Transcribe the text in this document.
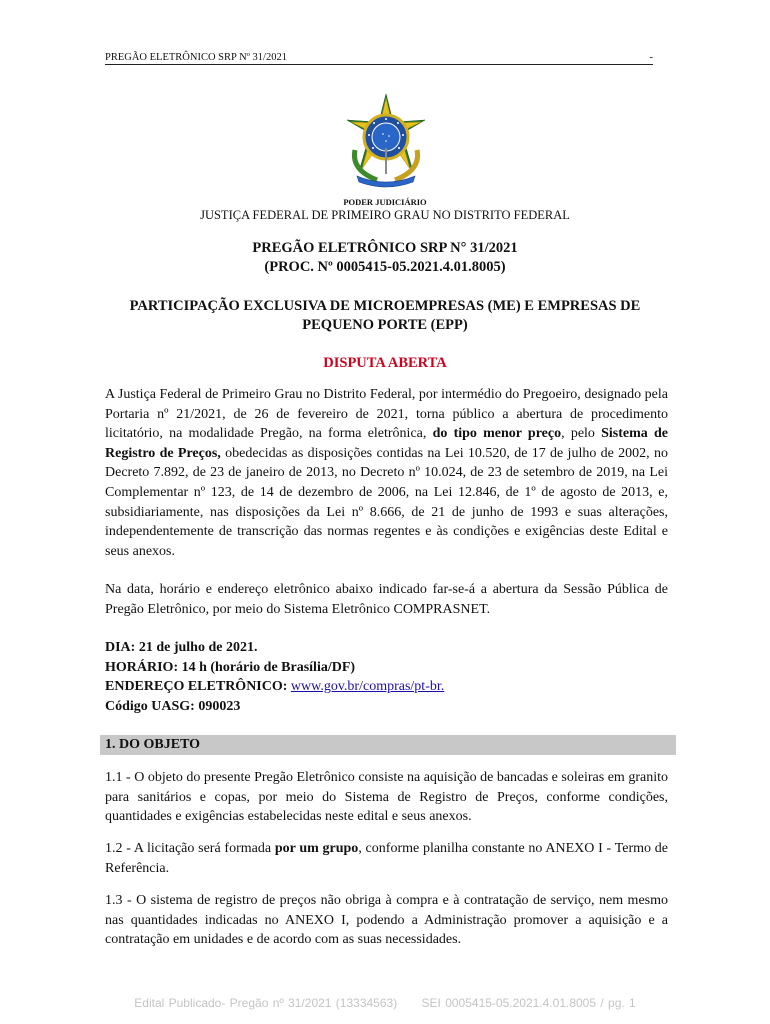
PREGÃO ELETRÔNICO SRP Nº 31/2021	-
PODER JUDICIÁRIO
JUSTIÇA FEDERAL DE PRIMEIRO GRAU NO DISTRITO FEDERAL
PREGÃO ELETRÔNICO SRP N° 31/2021
(PROC. Nº 0005415-05.2021.4.01.8005)
PARTICIPAÇÃO EXCLUSIVA DE MICROEMPRESAS (ME) E EMPRESAS DE PEQUENO PORTE (EPP)
DISPUTA ABERTA
A Justiça Federal de Primeiro Grau no Distrito Federal, por intermédio do Pregoeiro, designado pela Portaria nº 21/2021, de 26 de fevereiro de 2021, torna público a abertura de procedimento licitatório, na modalidade Pregão, na forma eletrônica, do tipo menor preço, pelo Sistema de Registro de Preços, obedecidas as disposições contidas na Lei 10.520, de 17 de julho de 2002, no Decreto 7.892, de 23 de janeiro de 2013, no Decreto nº 10.024, de 23 de setembro de 2019, na Lei Complementar nº 123, de 14 de dezembro de 2006, na Lei 12.846, de 1º de agosto de 2013, e, subsidiariamente, nas disposições da Lei nº 8.666, de 21 de junho de 1993 e suas alterações, independentemente de transcrição das normas regentes e às condições e exigências deste Edital e seus anexos.
Na data, horário e endereço eletrônico abaixo indicado far-se-á a abertura da Sessão Pública de Pregão Eletrônico, por meio do Sistema Eletrônico COMPRASNET.
DIA: 21 de julho de 2021.
HORÁRIO: 14 h (horário de Brasília/DF)
ENDEREÇO ELETRÔNICO: www.gov.br/compras/pt-br.
Código UASG: 090023
1. DO OBJETO
1.1 - O objeto do presente Pregão Eletrônico consiste na aquisição de bancadas e soleiras em granito para sanitários e copas, por meio do Sistema de Registro de Preços, conforme condições, quantidades e exigências estabelecidas neste edital e seus anexos.
1.2 - A licitação será formada por um grupo, conforme planilha constante no ANEXO I - Termo de Referência.
1.3 - O sistema de registro de preços não obriga à compra e à contratação de serviço, nem mesmo nas quantidades indicadas no ANEXO I, podendo a Administração promover a aquisição e a contratação em unidades e de acordo com as suas necessidades.
Edital Publicado- Pregão nº 31/2021 (13334563) SEI 0005415-05.2021.4.01.8005 / pg. 1
